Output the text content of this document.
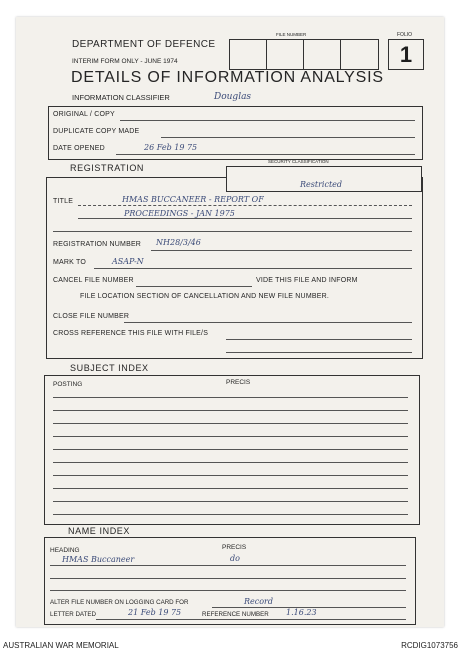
DEPARTMENT OF DEFENCE
INTERIM FORM ONLY - JUNE 1974
DETAILS OF INFORMATION ANALYSIS
INFORMATION CLASSIFIER	Douglas
FILE NUMBER	FOLIO
1
ORIGINAL / COPY
DUPLICATE COPY MADE
DATE OPENED	26 Feb 19 75
REGISTRATION
SECURITY CLASSIFICATION
Restricted
TITLE	HMAS BUCCANEER - REPORT OF
PROCEEDINGS - JAN 1975
REGISTRATION NUMBER NH28/3/46
MARK TO	ASAP-N
CANCEL FILE NUMBER	VIDE THIS FILE AND INFORM
FILE LOCATION SECTION OF CANCELLATION AND NEW FILE NUMBER.
CLOSE FILE NUMBER
CROSS REFERENCE THIS FILE WITH FILE/S
SUBJECT INDEX
POSTING	PRECIS
NAME INDEX
HEADING	PRECIS
HMAS Buccaneer	do
ALTER FILE NUMBER ON LOGGING CARD FOR	Record
LETTER DATED	21 Feb 19 75	REFERENCE NUMBER 1.16.23
AUSTRALIAN WAR MEMORIAL	RCDIG1073756
